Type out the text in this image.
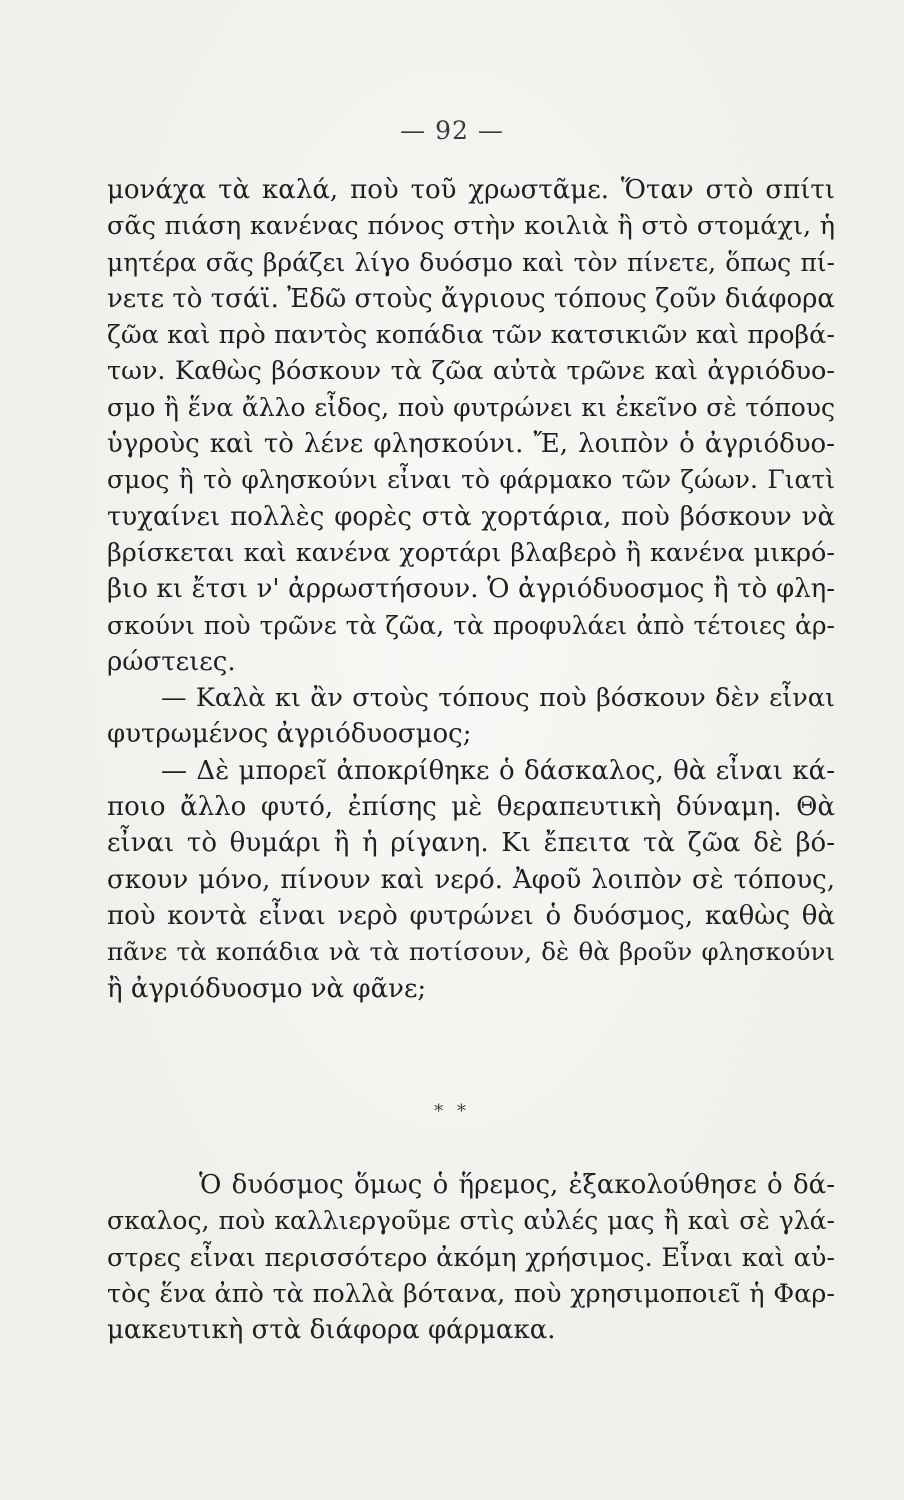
— 92 —
μονάχα τὰ καλά, ποὺ τοῦ χρωστᾶμε. Ὅταν στὸ σπίτι
σᾶς πιάση κανένας πόνος στὴν κοιλιὰ ἢ στὸ στομάχι, ἡ
μητέρα σᾶς βράζει λίγο δυόσμο καὶ τὸν πίνετε, ὅπως πί-
νετε τὸ τσάϊ. Ἐδῶ στοὺς ἄγριους τόπους ζοῦν διάφορα
ζῶα καὶ πρὸ παντὸς κοπάδια τῶν κατσικιῶν καὶ προβά-
των. Καθὼς βόσκουν τὰ ζῶα αὐτὰ τρῶνε καὶ ἀγριόδυο-
σμο ἢ ἕνα ἄλλο εἶδος, ποὺ φυτρώνει κι ἐκεῖνο σὲ τόπους
ὑγροὺς καὶ τὸ λένε φλησκούνι. Ἔ, λοιπὸν ὁ ἀγριόδυο-
σμος ἢ τὸ φλησκούνι εἶναι τὸ φάρμακο τῶν ζώων. Γιατὶ
τυχαίνει πολλὲς φορὲς στὰ χορτάρια, ποὺ βόσκουν νὰ
βρίσκεται καὶ κανένα χορτάρι βλαβερὸ ἢ κανένα μικρό-
βιο κι ἔτσι ν' ἀρρωστήσουν. Ὁ ἀγριόδυοσμος ἢ τὸ φλη-
σκούνι ποὺ τρῶνε τὰ ζῶα, τὰ προφυλάει ἀπὸ τέτοιες ἀρ-
ρώστειες.
— Καλὰ κι ἂν στοὺς τόπους ποὺ βόσκουν δὲν εἶναι
φυτρωμένος ἀγριόδυοσμος;
— Δὲ μπορεῖ ἀποκρίθηκε ὁ δάσκαλος, θὰ εἶναι κά-
ποιο ἄλλο φυτό, ἐπίσης μὲ θεραπευτικὴ δύναμη. Θὰ
εἶναι τὸ θυμάρι ἢ ἡ ρίγανη. Κι ἔπειτα τὰ ζῶα δὲ βό-
σκουν μόνο, πίνουν καὶ νερό. Ἀφοῦ λοιπὸν σὲ τόπους,
ποὺ κοντὰ εἶναι νερὸ φυτρώνει ὁ δυόσμος, καθὼς θὰ
πᾶνε τὰ κοπάδια νὰ τὰ ποτίσουν, δὲ θὰ βροῦν φλησκούνι
ἢ ἀγριόδυοσμο νὰ φᾶνε;
* *
Ὁ δυόσμος ὅμως ὁ ἥρεμος, ἐξακολούθησε ὁ δά-
σκαλος, ποὺ καλλιεργοῦμε στὶς αὐλές μας ἢ καὶ σὲ γλά-
στρες εἶναι περισσότερο ἀκόμη χρήσιμος. Εἶναι καὶ αὐ-
τὸς ἕνα ἀπὸ τὰ πολλὰ βότανα, ποὺ χρησιμοποιεῖ ἡ Φαρ-
μακευτικὴ στὰ διάφορα φάρμακα.
